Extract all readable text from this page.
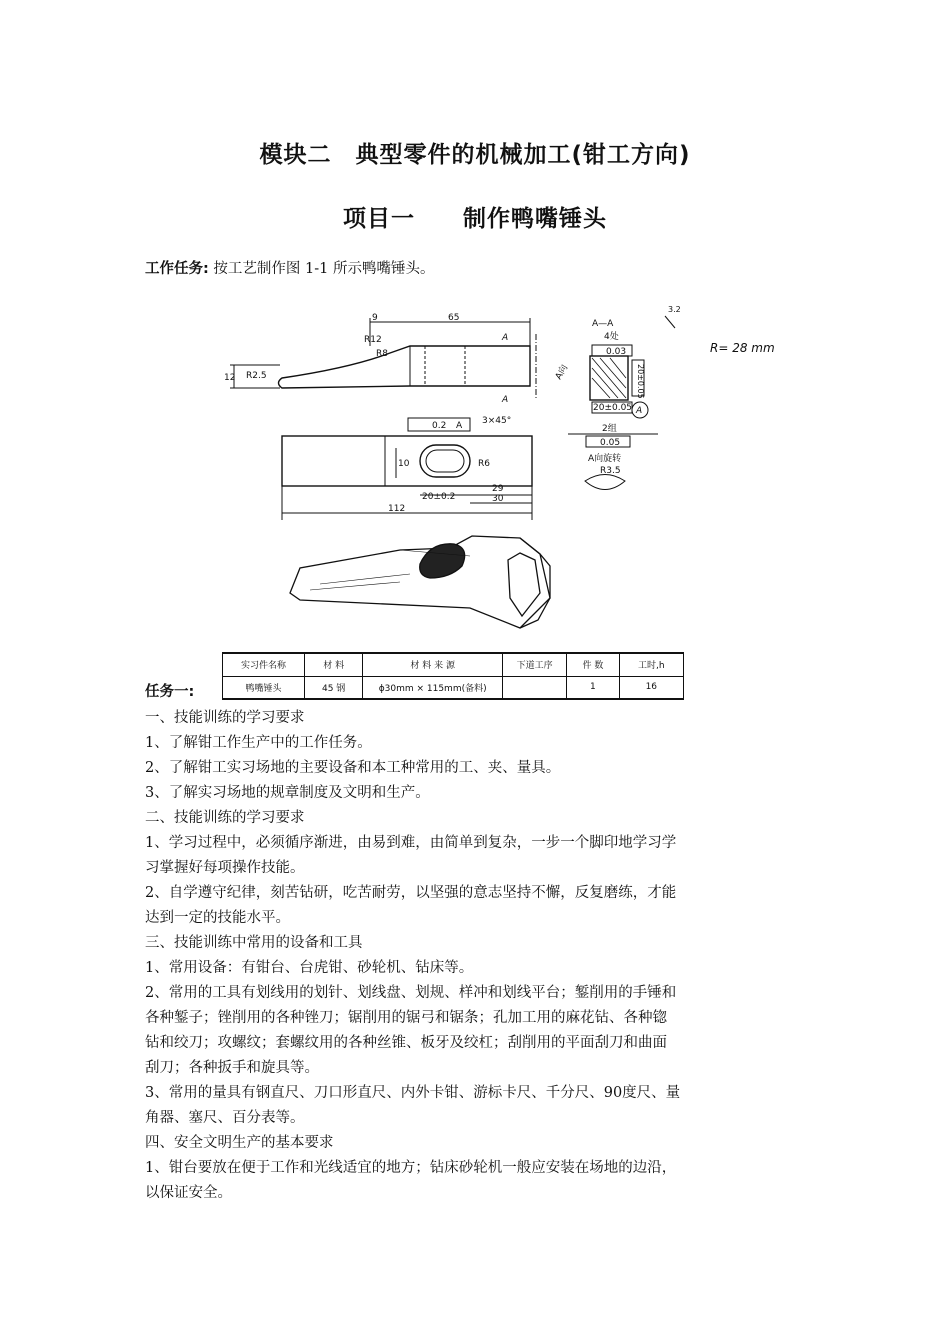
模块二　典型零件的机械加工(钳工方向)
项目一　　制作鸭嘴锤头
工作任务: 按工艺制作图 1-1 所示鸭嘴锤头。
9	65
R12
R8
A
A
R2.5
12
3×45°
0.2 A
10	R6
29
20±0.2	30
112
A—A
4处
0.03
20±0.05
20±0.05 A
2组
0.05
A向旋转
R3.5
A向
3.2
R= 28 mm
任务一:
实习件名称	材 料	材 料 来 源	下道工序	件 数	工时,h
鸭嘴锤头	45 钢	ϕ30mm × 115mm(备料)		1	16
一、技能训练的学习要求
1、了解钳工作生产中的工作任务。
2、了解钳工实习场地的主要设备和本工种常用的工、夹、量具。
3、了解实习场地的规章制度及文明和生产。
二、技能训练的学习要求
1、学习过程中，必须循序渐进，由易到难，由简单到复杂，一步一个脚印地学习学
习掌握好每项操作技能。
2、自学遵守纪律，刻苦钻研，吃苦耐劳，以坚强的意志坚持不懈，反复磨练，才能
达到一定的技能水平。
三、技能训练中常用的设备和工具
1、常用设备：有钳台、台虎钳、砂轮机、钻床等。
2、常用的工具有划线用的划针、划线盘、划规、样冲和划线平台；錾削用的手锤和
各种錾子；锉削用的各种锉刀；锯削用的锯弓和锯条；孔加工用的麻花钻、各种锪
钻和绞刀；攻螺纹；套螺纹用的各种丝锥、板牙及绞杠；刮削用的平面刮刀和曲面
刮刀；各种扳手和旋具等。
3、常用的量具有钢直尺、刀口形直尺、内外卡钳、游标卡尺、千分尺、90度尺、量
角器、塞尺、百分表等。
四、安全文明生产的基本要求
1、钳台要放在便于工作和光线适宜的地方；钻床砂轮机一般应安装在场地的边沿，
以保证安全。
